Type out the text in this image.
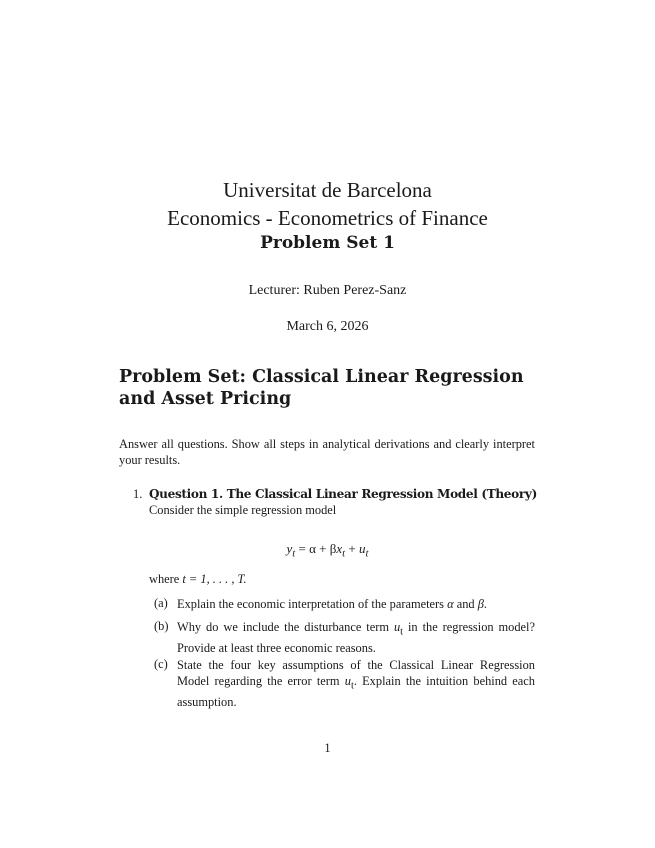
Universitat de Barcelona
Economics - Econometrics of Finance
Problem Set 1
Lecturer: Ruben Perez-Sanz
March 6, 2026
Problem Set: Classical Linear Regression and Asset Pricing
Answer all questions. Show all steps in analytical derivations and clearly interpret your results.
1. Question 1. The Classical Linear Regression Model (Theory)
Consider the simple regression model
$y_t = \alpha + \beta x_t + u_t$
where t = 1, . . . , T.
(a) Explain the economic interpretation of the parameters α and β.
(b) Why do we include the disturbance term $u_t$ in the regression model? Provide at least three economic reasons.
(c) State the four key assumptions of the Classical Linear Regression Model regarding the error term $u_t$. Explain the intuition behind each assumption.
1
